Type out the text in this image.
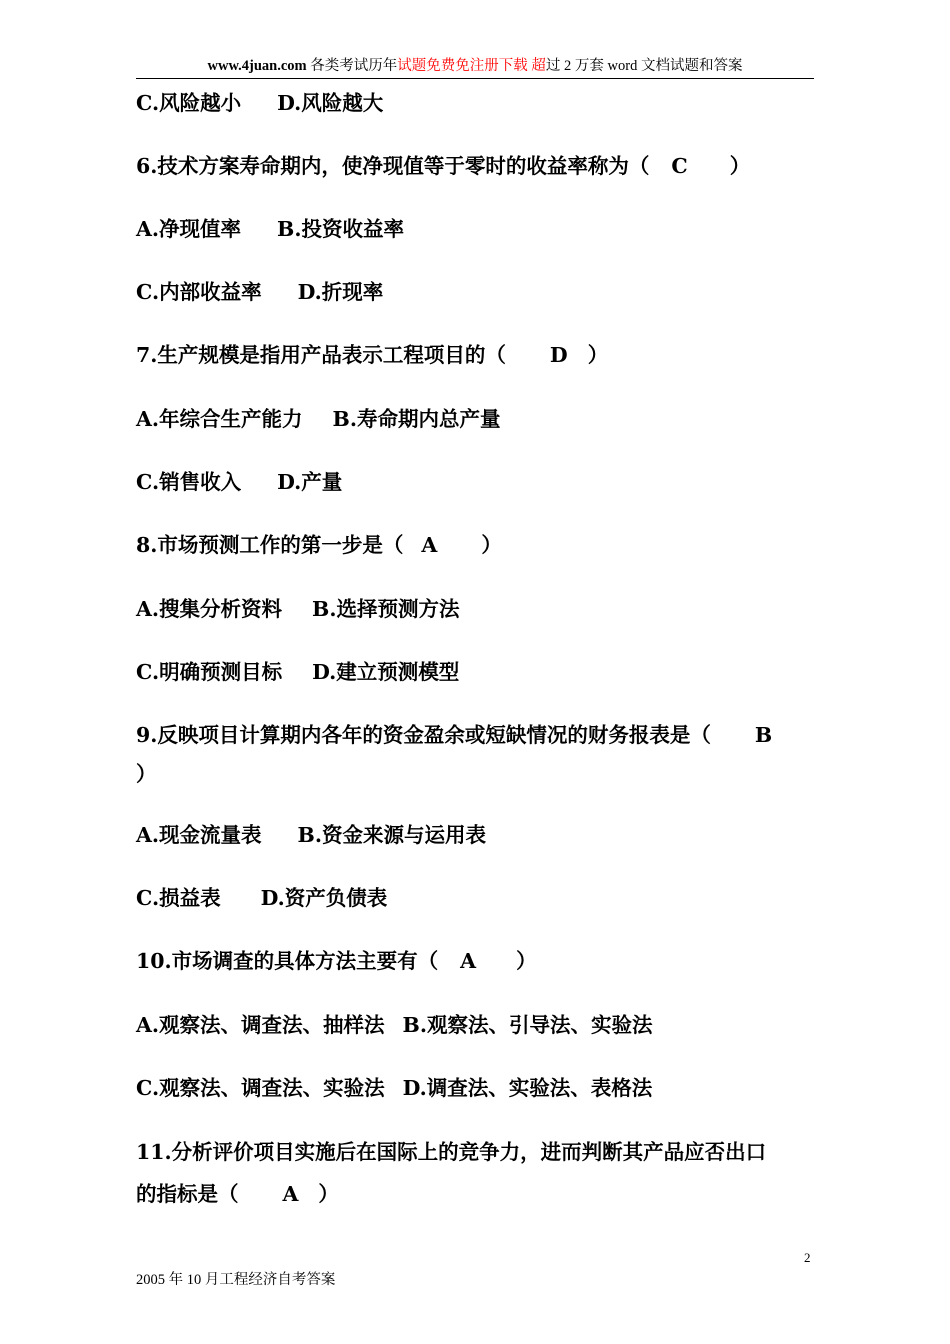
www.4juan.com 各类考试历年试题免费免注册下载 超过 2 万套 word 文档试题和答案
C.风险越小 D.风险越大
6.技术方案寿命期内，使净现值等于零时的收益率称为（ C ）
A.净现值率 B.投资收益率
C.内部收益率 D.折现率
7.生产规模是指用产品表示工程项目的（ D ）
A.年综合生产能力 B.寿命期内总产量
C.销售收入 D.产量
8.市场预测工作的第一步是（ A ）
A.搜集分析资料 B.选择预测方法
C.明确预测目标 D.建立预测模型
9.反映项目计算期内各年的资金盈余或短缺情况的财务报表是（ B
）
A.现金流量表 B.资金来源与运用表
C.损益表 D.资产负债表
10.市场调查的具体方法主要有（ A ）
A.观察法、调查法、抽样法 B.观察法、引导法、实验法
C.观察法、调查法、实验法 D.调查法、实验法、表格法
11.分析评价项目实施后在国际上的竞争力，进而判断其产品应否出口
的指标是（ A ）
2
2005 年 10 月工程经济自考答案
